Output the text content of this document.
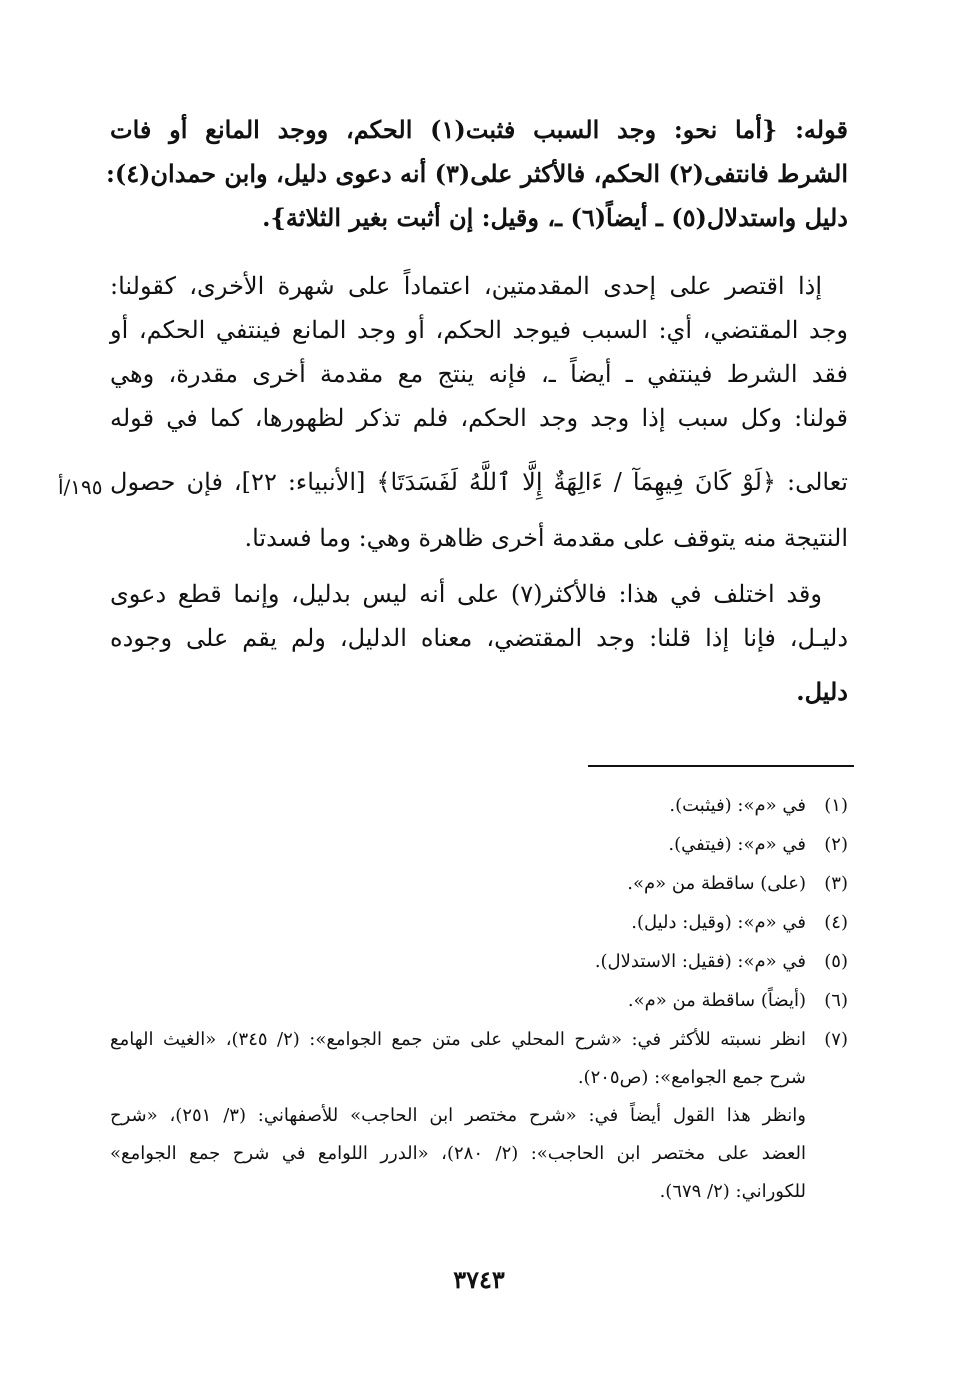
قوله: {أما نحو: وجد السبب فثبت(١) الحكم، ووجد المانع أو فات
الشرط فانتفى(٢) الحكم، فالأكثر على(٣) أنه دعوى دليل، وابن حمدان(٤):
دليل واستدلال(٥) ـ أيضاً(٦) ـ، وقيل: إن أثبت بغير الثلاثة}.
إذا اقتصر على إحدى المقدمتين، اعتماداً على شهرة الأخرى، كقولنا:
وجد المقتضي، أي: السبب فيوجد الحكم، أو وجد المانع فينتفي الحكم، أو
فقد الشرط فينتفي ـ أيضاً ـ، فإنه ينتج مع مقدمة أخرى مقدرة، وهي
قولنا: وكل سبب إذا وجد وجد الحكم، فلم تذكر لظهورها، كما في قوله
تعالى: ﴿لَوْ كَانَ فِيهِمَآ / ءَالِهَةٌ إِلَّا ٱللَّهُ لَفَسَدَتَا﴾ [الأنبياء: ٢٢]، فإن حصول
النتيجة منه يتوقف على مقدمة أخرى ظاهرة وهي: وما فسدتا.
وقد اختلف في هذا: فالأكثر(٧) على أنه ليس بدليل، وإنما قطع دعوى
دليـل، فإنا إذا قلنا: وجد المقتضي، معناه الدليل، ولم يقم على وجوده
دليل.
١٩٥/أ
(١)
في «م»: (فيثبت).
(٢)
في «م»: (فيتفي).
(٣)
(على) ساقطة من «م».
(٤)
في «م»: (وقيل: دليل).
(٥)
في «م»: (فقيل: الاستدلال).
(٦)
(أيضاً) ساقطة من «م».
(٧)
انظر نسبته للأكثر في: «شرح المحلي على متن جمع الجوامع»: (٢/ ٣٤٥)، «الغيث الهامع
شرح جمع الجوامع»: (ص٢٠٥).
وانظر هذا القول أيضاً في: «شرح مختصر ابن الحاجب» للأصفهاني: (٣/ ٢٥١)، «شرح
العضد على مختصر ابن الحاجب»: (٢/ ٢٨٠)، «الدرر اللوامع في شرح جمع الجوامع»
للكوراني: (٢/ ٦٧٩).
٣٧٤٣
